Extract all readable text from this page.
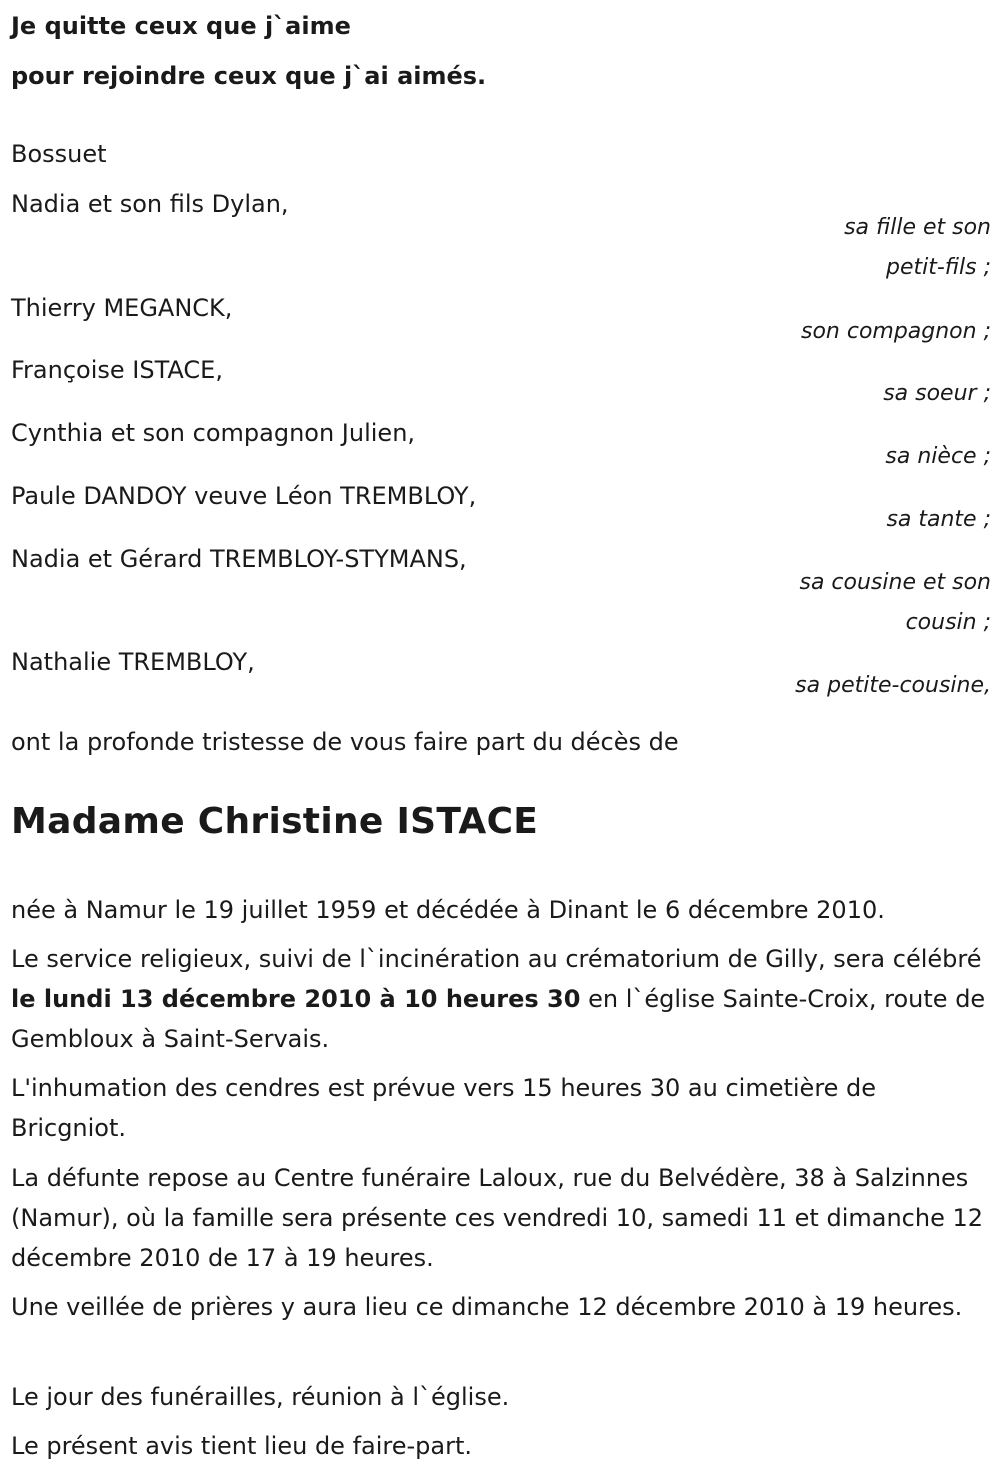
Je quitte ceux que j`aime

pour rejoindre ceux que j`ai aimés.

Bossuet
Nadia et son fils Dylan,
sa fille et son
petit-fils ;
Thierry MEGANCK,
son compagnon ;
Françoise ISTACE,
sa soeur ;
Cynthia et son compagnon Julien,
sa nièce ;
Paule DANDOY veuve Léon TREMBLOY,
sa tante ;
Nadia et Gérard TREMBLOY-STYMANS,
sa cousine et son
cousin ;
Nathalie TREMBLOY,
sa petite-cousine,
ont la profonde tristesse de vous faire part du décès de
Madame Christine ISTACE

née à Namur le 19 juillet 1959 et décédée à Dinant le 6 décembre 2010.

Le service religieux, suivi de l`incinération au crématorium de Gilly, sera célébré le lundi 13 décembre 2010 à 10 heures 30 en l`église Sainte-Croix, route de Gembloux à Saint-Servais.

L'inhumation des cendres est prévue vers 15 heures 30 au cimetière de Bricgniot.

La défunte repose au Centre funéraire Laloux, rue du Belvédère, 38 à Salzinnes (Namur), où la famille sera présente ces vendredi 10, samedi 11 et dimanche 12 décembre 2010 de 17 à 19 heures.

Une veillée de prières y aura lieu ce dimanche 12 décembre 2010 à 19 heures.

Le jour des funérailles, réunion à l`église.

Le présent avis tient lieu de faire-part.
